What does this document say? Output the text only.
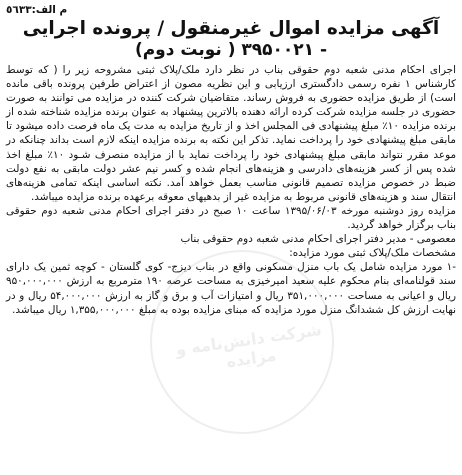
م الف:٥٦٣٣
آگهی مزایده اموال غیرمنقول / پرونده اجرایی
- ۳۹۵۰۰۲۱ ( نوبت دوم)

اجرای احکام مدنی شعبه دوم حقوقی بناب در نظر دارد ملک/پلاک ثبتی مشروحه زیر را ( که توسط کارشناس ۱ نفره رسمی دادگستری ارزیابی و این نظریه مصون از اعتراض طرفین پرونده باقی مانده است) از طریق مزایده حضوری به فروش رساند. متقاضیان شرکت کننده در مزایده می توانند به صورت حضوری در جلسه مزایده شرکت کرده ارائه دهنده بالاترین پیشنهاد به عنوان برنده مزایده شناخته شده از برنده مزایده ۱۰٪ مبلغ پیشنهادی فی المجلس اخذ و از تاریخ مزایده به مدت یک ماه فرصت داده میشود تا مابقی مبلغ پیشنهادی خود را پرداخت نماید. تذکر این نکته به برنده مزایده اینکه لازم است بداند چنانکه در موعد مقرر نتواند مابقی مبلغ پیشنهادی خود را پرداخت نماید با از مزایده منصرف شـود ۱۰٪ مبلغ اخذ شده پس از کسر هزینه‌های دادرسی و هزینه‌های انجام شده و کسر نیم عشر دولت مابقی به نفع دولت ضبط در خصوص مزایده تصمیم قانونی مناسب بعمل خواهد آمد. نکته اساسی اینکه تمامی هزینه‌های انتقال سند و هزینه‌های قانونی مربوط به مزایده غیر از بدهیهای معوقه برعهده برنده مزایده میباشد.

مزایده روز دوشنبه مورخه ۱۳۹۵/۰۶/۰۳ ساعت ۱۰ صبح در دفتر اجرای احکام مدنی شعبه دوم حقوقی بناب برگزار خواهد گردید.

معصومی - مدیر دفتر اجرای احکام مدنی شعبه دوم حقوقی بناب

مشخصات ملک/پلاک ثبتی مورد مزایده:

-۱ مورد مزایده شامل یک باب منزل مسکونی واقع در بناب دیزج- کوی گلستان - کوچه ثمین یک دارای سند قولنامه‌ای بنام محکوم علیه سعید امیرخیزی به مساحت عرصه ۱۹۰ مترمربع به ارزش ۹۵۰,۰۰۰,۰۰۰ ریال و اعیانی به مساحت ۳۵۱,۰۰۰,۰۰۰ ریال و امتیازات آب و برق و گاز به ارزش ۵۴,۰۰۰,۰۰۰ ریال و در نهایت ارزش کل ششدانگ منزل مورد مزایده که مبنای مزایده بوده به مبلغ ۱,۳۵۵,۰۰۰,۰۰۰ ریال میباشد.

شرکت دانش‌نامه و مزایده
